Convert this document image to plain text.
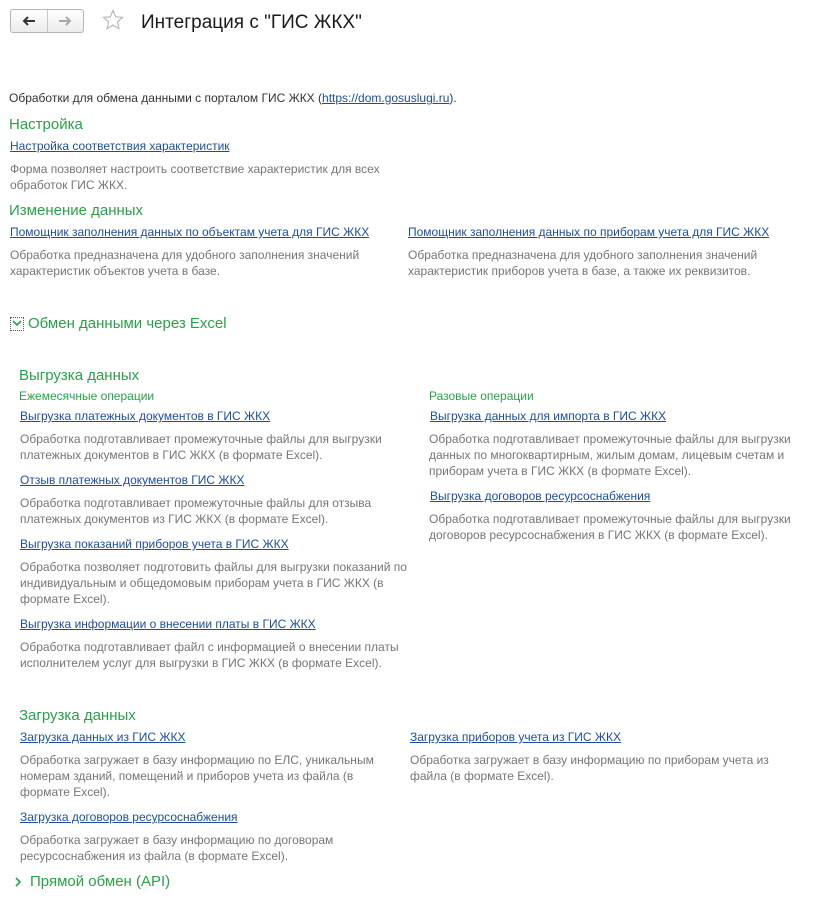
Интеграция с "ГИС ЖКХ"
Обработки для обмена данными с порталом ГИС ЖКХ (https://dom.gosuslugi.ru).
Настройка
Настройка соответствия характеристик
Форма позволяет настроить соответствие характеристик для всех обработок ГИС ЖКХ.
Изменение данных
Помощник заполнения данных по объектам учета для ГИС ЖКХ
Обработка предназначена для удобного заполнения значений характеристик объектов учета в базе.
Помощник заполнения данных по приборам учета для ГИС ЖКХ
Обработка предназначена для удобного заполнения значений характеристик приборов учета в базе, а также их реквизитов.
Обмен данными через Excel
Выгрузка данных
Ежемесячные операции
Выгрузка платежных документов в ГИС ЖКХ
Обработка подготавливает промежуточные файлы для выгрузки платежных документов в ГИС ЖКХ (в формате Excel).
Отзыв платежных документов ГИС ЖКХ
Обработка подготавливает промежуточные файлы для отзыва платежных документов из ГИС ЖКХ (в формате Excel).
Выгрузка показаний приборов учета в ГИС ЖКХ
Обработка позволяет подготовить файлы для выгрузки показаний по индивидуальным и общедомовым приборам учета в ГИС ЖКХ (в формате Excel).
Выгрузка информации о внесении платы в ГИС ЖКХ
Обработка подготавливает файл с информацией о внесении платы исполнителем услуг для выгрузки в ГИС ЖКХ (в формате Excel).
Разовые операции
Выгрузка данных для импорта в ГИС ЖКХ
Обработка подготавливает промежуточные файлы для выгрузки данных по многоквартирным, жилым домам, лицевым счетам и приборам учета в ГИС ЖКХ (в формате Excel).
Выгрузка договоров ресурсоснабжения
Обработка подготавливает промежуточные файлы для выгрузки договоров ресурсоснабжения в ГИС ЖКХ (в формате Excel).
Загрузка данных
Загрузка данных из ГИС ЖКХ
Обработка загружает в базу информацию по ЕЛС, уникальным номерам зданий, помещений и приборов учета из файла (в формате Excel).
Загрузка договоров ресурсоснабжения
Обработка загружает в базу информацию по договорам ресурсоснабжения из файла (в формате Excel).
Загрузка приборов учета из ГИС ЖКХ
Обработка загружает в базу информацию по приборам учета из файла (в формате Excel).
Прямой обмен (API)
